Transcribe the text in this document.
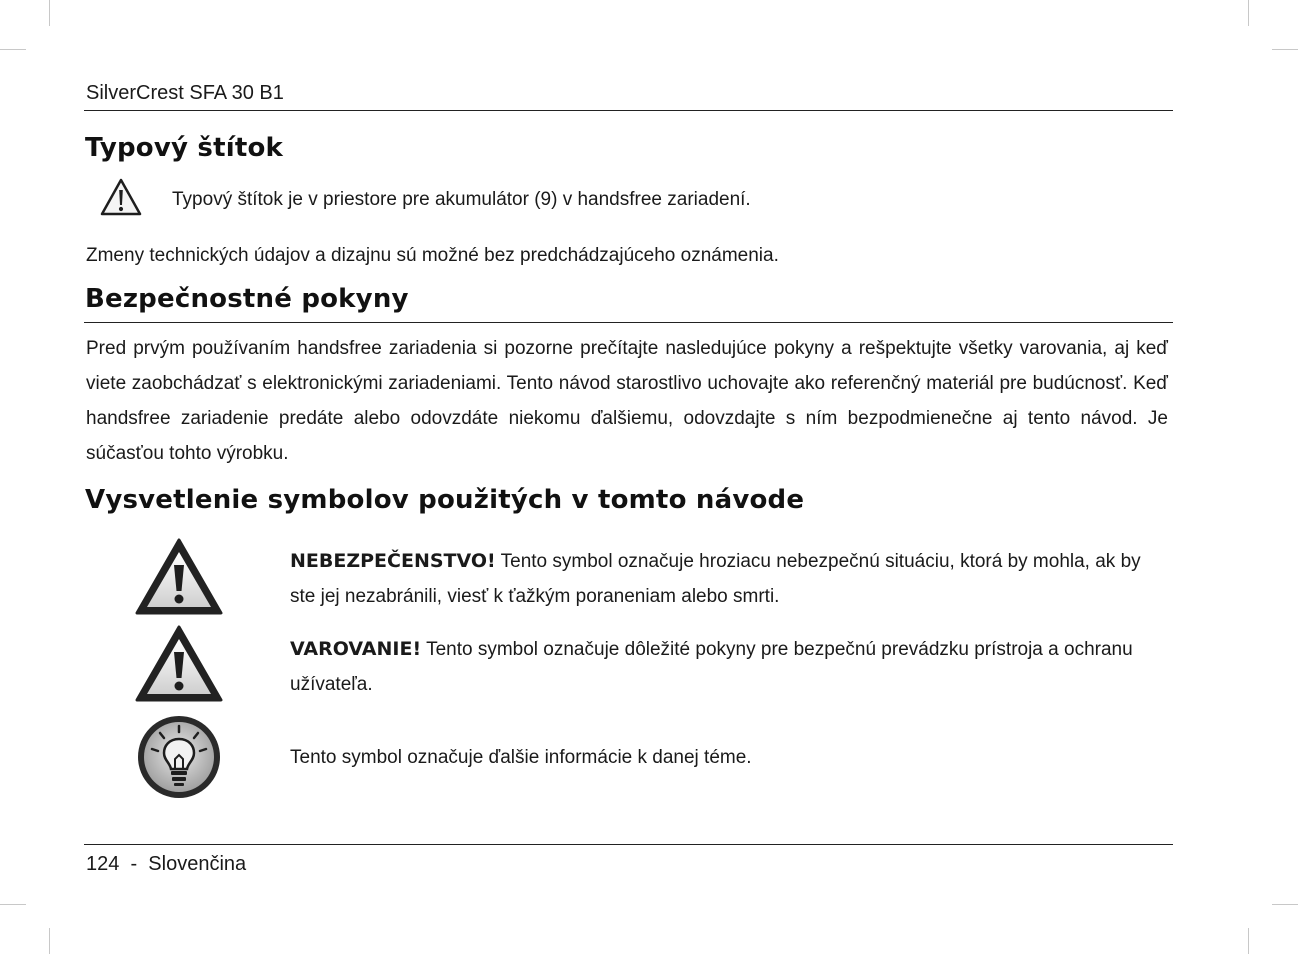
SilverCrest SFA 30 B1
Typový štítok
Typový štítok je v priestore pre akumulátor (9) v handsfree zariadení.
Zmeny technických údajov a dizajnu sú možné bez predchádzajúceho oznámenia.
Bezpečnostné pokyny
Pred prvým používaním handsfree zariadenia si pozorne prečítajte nasledujúce pokyny a rešpektujte všetky varovania, aj keď viete zaobchádzať s elektronickými zariadeniami. Tento návod starostlivo uchovajte ako referenčný materiál pre budúcnosť. Keď handsfree zariadenie predáte alebo odovzdáte niekomu ďalšiemu, odovzdajte s ním bezpodmienečne aj tento návod. Je súčasťou tohto výrobku.
Vysvetlenie symbolov použitých v tomto návode
NEBEZPEČENSTVO! Tento symbol označuje hroziacu nebezpečnú situáciu, ktorá by mohla, ak by ste jej nezabránili, viesť k ťažkým poraneniam alebo smrti.
VAROVANIE! Tento symbol označuje dôležité pokyny pre bezpečnú prevádzku prístroja a ochranu užívateľa.
Tento symbol označuje ďalšie informácie k danej téme.
124 - Slovenčina
